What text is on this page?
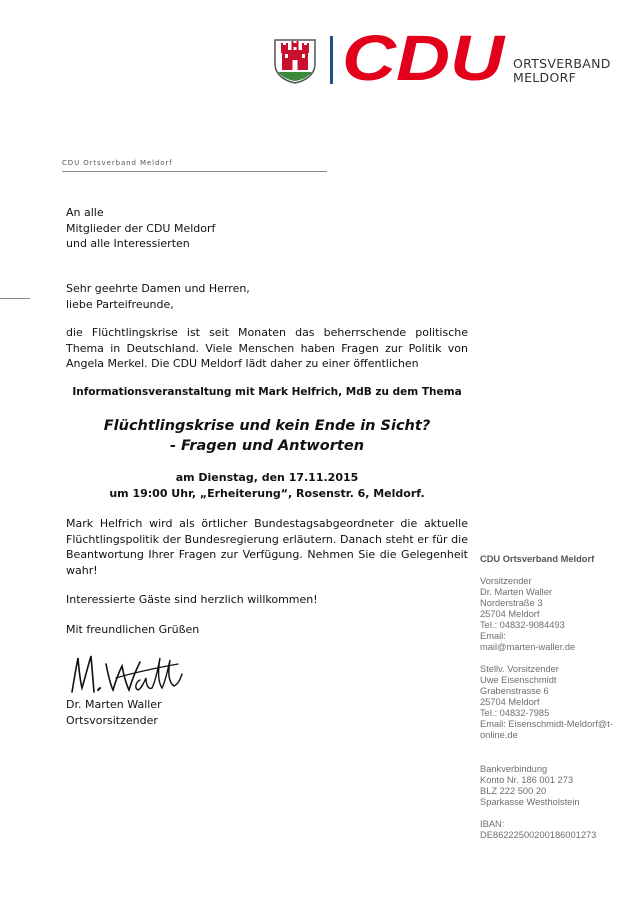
CDU ORTSVERBAND
MELDORF
CDU Ortsverband Meldorf
An alle
Mitglieder der CDU Meldorf
und alle Interessierten
Sehr geehrte Damen und Herren,
liebe Parteifreunde,
die Flüchtlingskrise ist seit Monaten das beherrschende politische Thema in Deutschland. Viele Menschen haben Fragen zur Politik von Angela Merkel. Die CDU Meldorf lädt daher zu einer öffentlichen
Informationsveranstaltung mit Mark Helfrich, MdB zu dem Thema
Flüchtlingskrise und kein Ende in Sicht?
- Fragen und Antworten
am Dienstag, den 17.11.2015
um 19:00 Uhr, „Erheiterung“, Rosenstr. 6, Meldorf.
Mark Helfrich wird als örtlicher Bundestagsabgeordneter die aktuelle Flüchtlingspolitik der Bundesregierung erläutern. Danach steht er für die Beantwortung Ihrer Fragen zur Verfügung. Nehmen Sie die Gelegenheit wahr!
Interessierte Gäste sind herzlich willkommen!
Mit freundlichen Grüßen
Dr. Marten Waller
Ortsvorsitzender
CDU Ortsverband Meldorf
Vorsitzender
Dr. Marten Waller
Norderstraße 3
25704 Meldorf
Tel.: 04832-9084493
Email:
mail@marten-waller.de
Stellv. Vorsitzender
Uwe Eisenschmidt
Grabenstrasse 6
25704 Meldorf
Tel.: 04832-7985
Email: Eisenschmidt-Meldorf@t-
online.de
Bankverbindung
Konto Nr. 186 001 273
BLZ 222 500 20
Sparkasse Westholstein
IBAN:
DE86222500200186001273
